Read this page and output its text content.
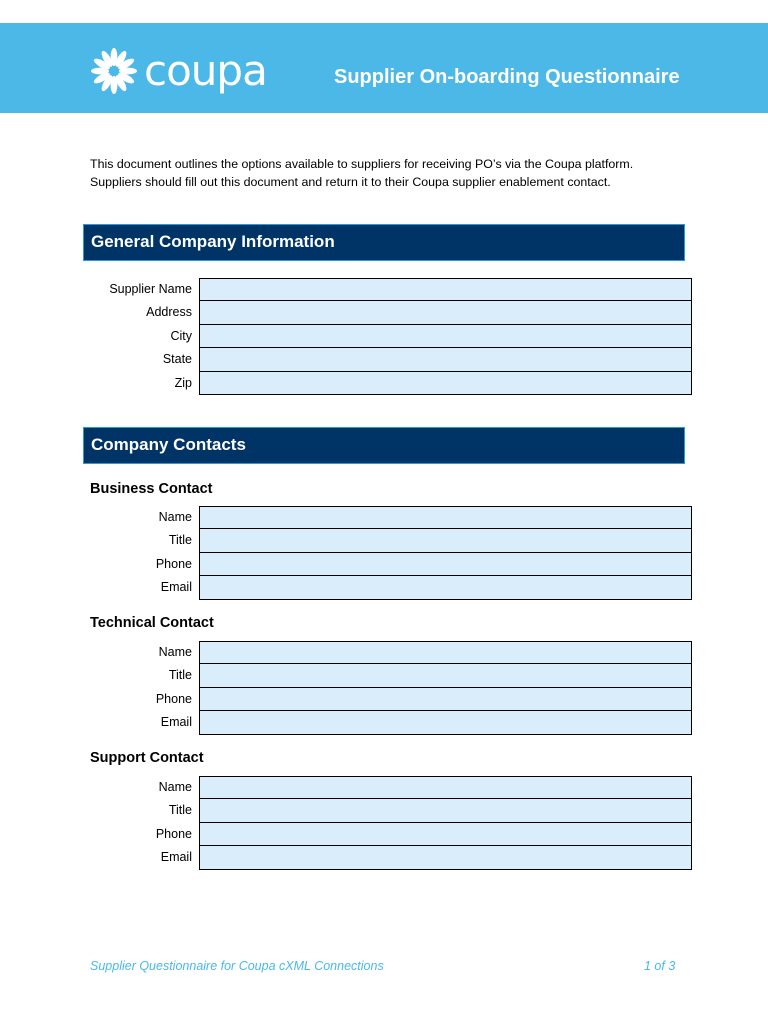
coupa	Supplier On-boarding Questionnaire
This document outlines the options available to suppliers for receiving PO’s via the Coupa platform.
Suppliers should fill out this document and return it to their Coupa supplier enablement contact.
General Company Information
Supplier Name
Address
City
State
Zip
Company Contacts
Business Contact
Name
Title
Phone
Email
Technical Contact
Name
Title
Phone
Email
Support Contact
Name
Title
Phone
Email
Supplier Questionnaire for Coupa cXML Connections	1 of 3
